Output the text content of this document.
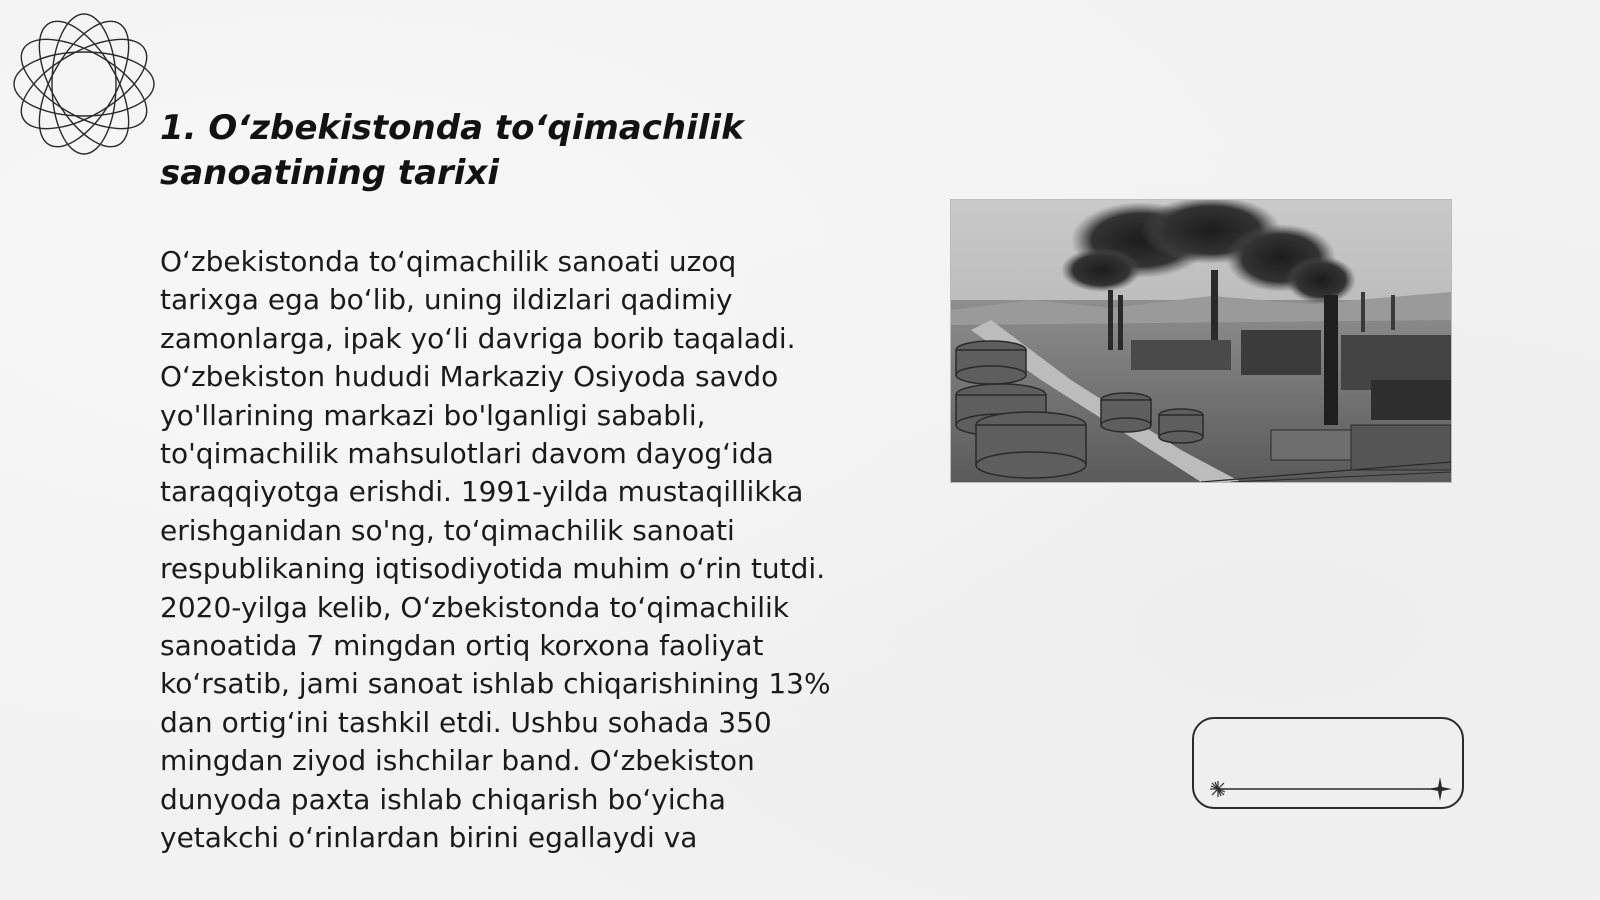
1. O‘zbekistonda to‘qimachilik sanoatining tarixi

O‘zbekistonda to‘qimachilik sanoati uzoq tarixga ega bo‘lib, uning ildizlari qadimiy zamonlarga, ipak yo‘li davriga borib taqaladi. O‘zbekiston hududi Markaziy Osiyoda savdo yo'llarining markazi bo'lganligi sababli, to'qimachilik mahsulotlari davom dayog‘ida taraqqiyotga erishdi. 1991-yilda mustaqillikka erishganidan so'ng, to‘qimachilik sanoati respublikaning iqtisodiyotida muhim o‘rin tutdi. 2020-yilga kelib, O‘zbekistonda to‘qimachilik sanoatida 7 mingdan ortiq korxona faoliyat ko‘rsatib, jami sanoat ishlab chiqarishining 13% dan ortig‘ini tashkil etdi. Ushbu sohada 350 mingdan ziyod ishchilar band. O‘zbekiston dunyoda paxta ishlab chiqarish bo‘yicha yetakchi o‘rinlardan birini egallaydi va
